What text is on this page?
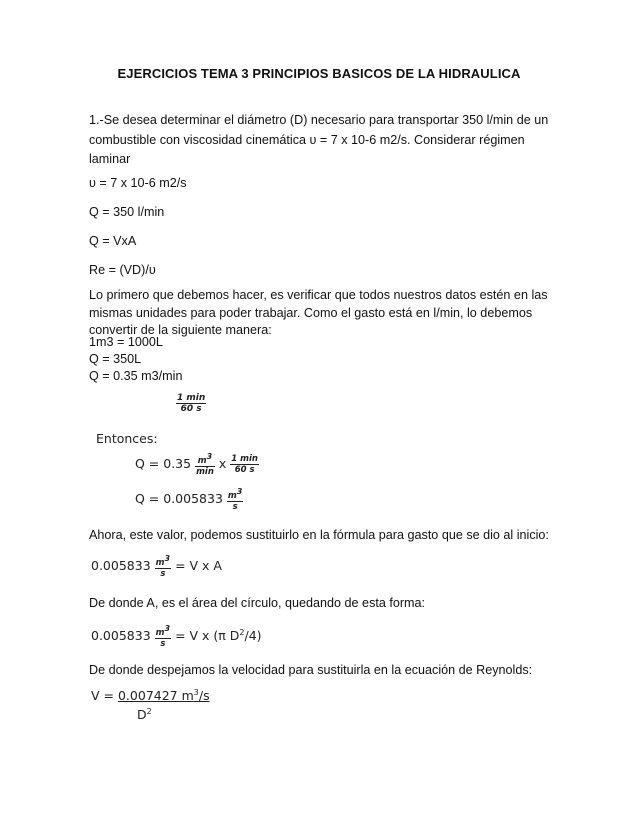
EJERCICIOS TEMA 3 PRINCIPIOS BASICOS DE LA HIDRAULICA

1.-Se desea determinar el diámetro (D) necesario para transportar 350 l/min de un combustible con viscosidad cinemática υ = 7 x 10-6 m2/s. Considerar régimen laminar

υ = 7 x 10-6 m2/s

Q = 350 l/min

Q = VxA

Re = (VD)/υ

Lo primero que debemos hacer, es verificar que todos nuestros datos estén en las mismas unidades para poder trabajar. Como el gasto está en l/min, lo debemos convertir de la siguiente manera:

1m3 = 1000L

Q = 350L

Q = 0.35 m3/min

$\frac{1 \min}{60 s}$
Entonces:
$Q = 0.35 \frac{m^3}{\min}$ x $\frac{1 \min}{60 s}$
$Q = 0.005833 \frac{m^3}{s}$

Ahora, este valor, podemos sustituirlo en la fórmula para gasto que se dio al inicio:

$0.005833 \frac{m^3}{s} = V$ x A

De donde A, es el área del círculo, quedando de esta forma:

$0.005833 \frac{m^3}{s} = V$ x (π $D^2/4$)

De donde despejamos la velocidad para sustituirla en la ecuación de Reynolds:

V = 0.007427 $m^3/s$
$D^2$
